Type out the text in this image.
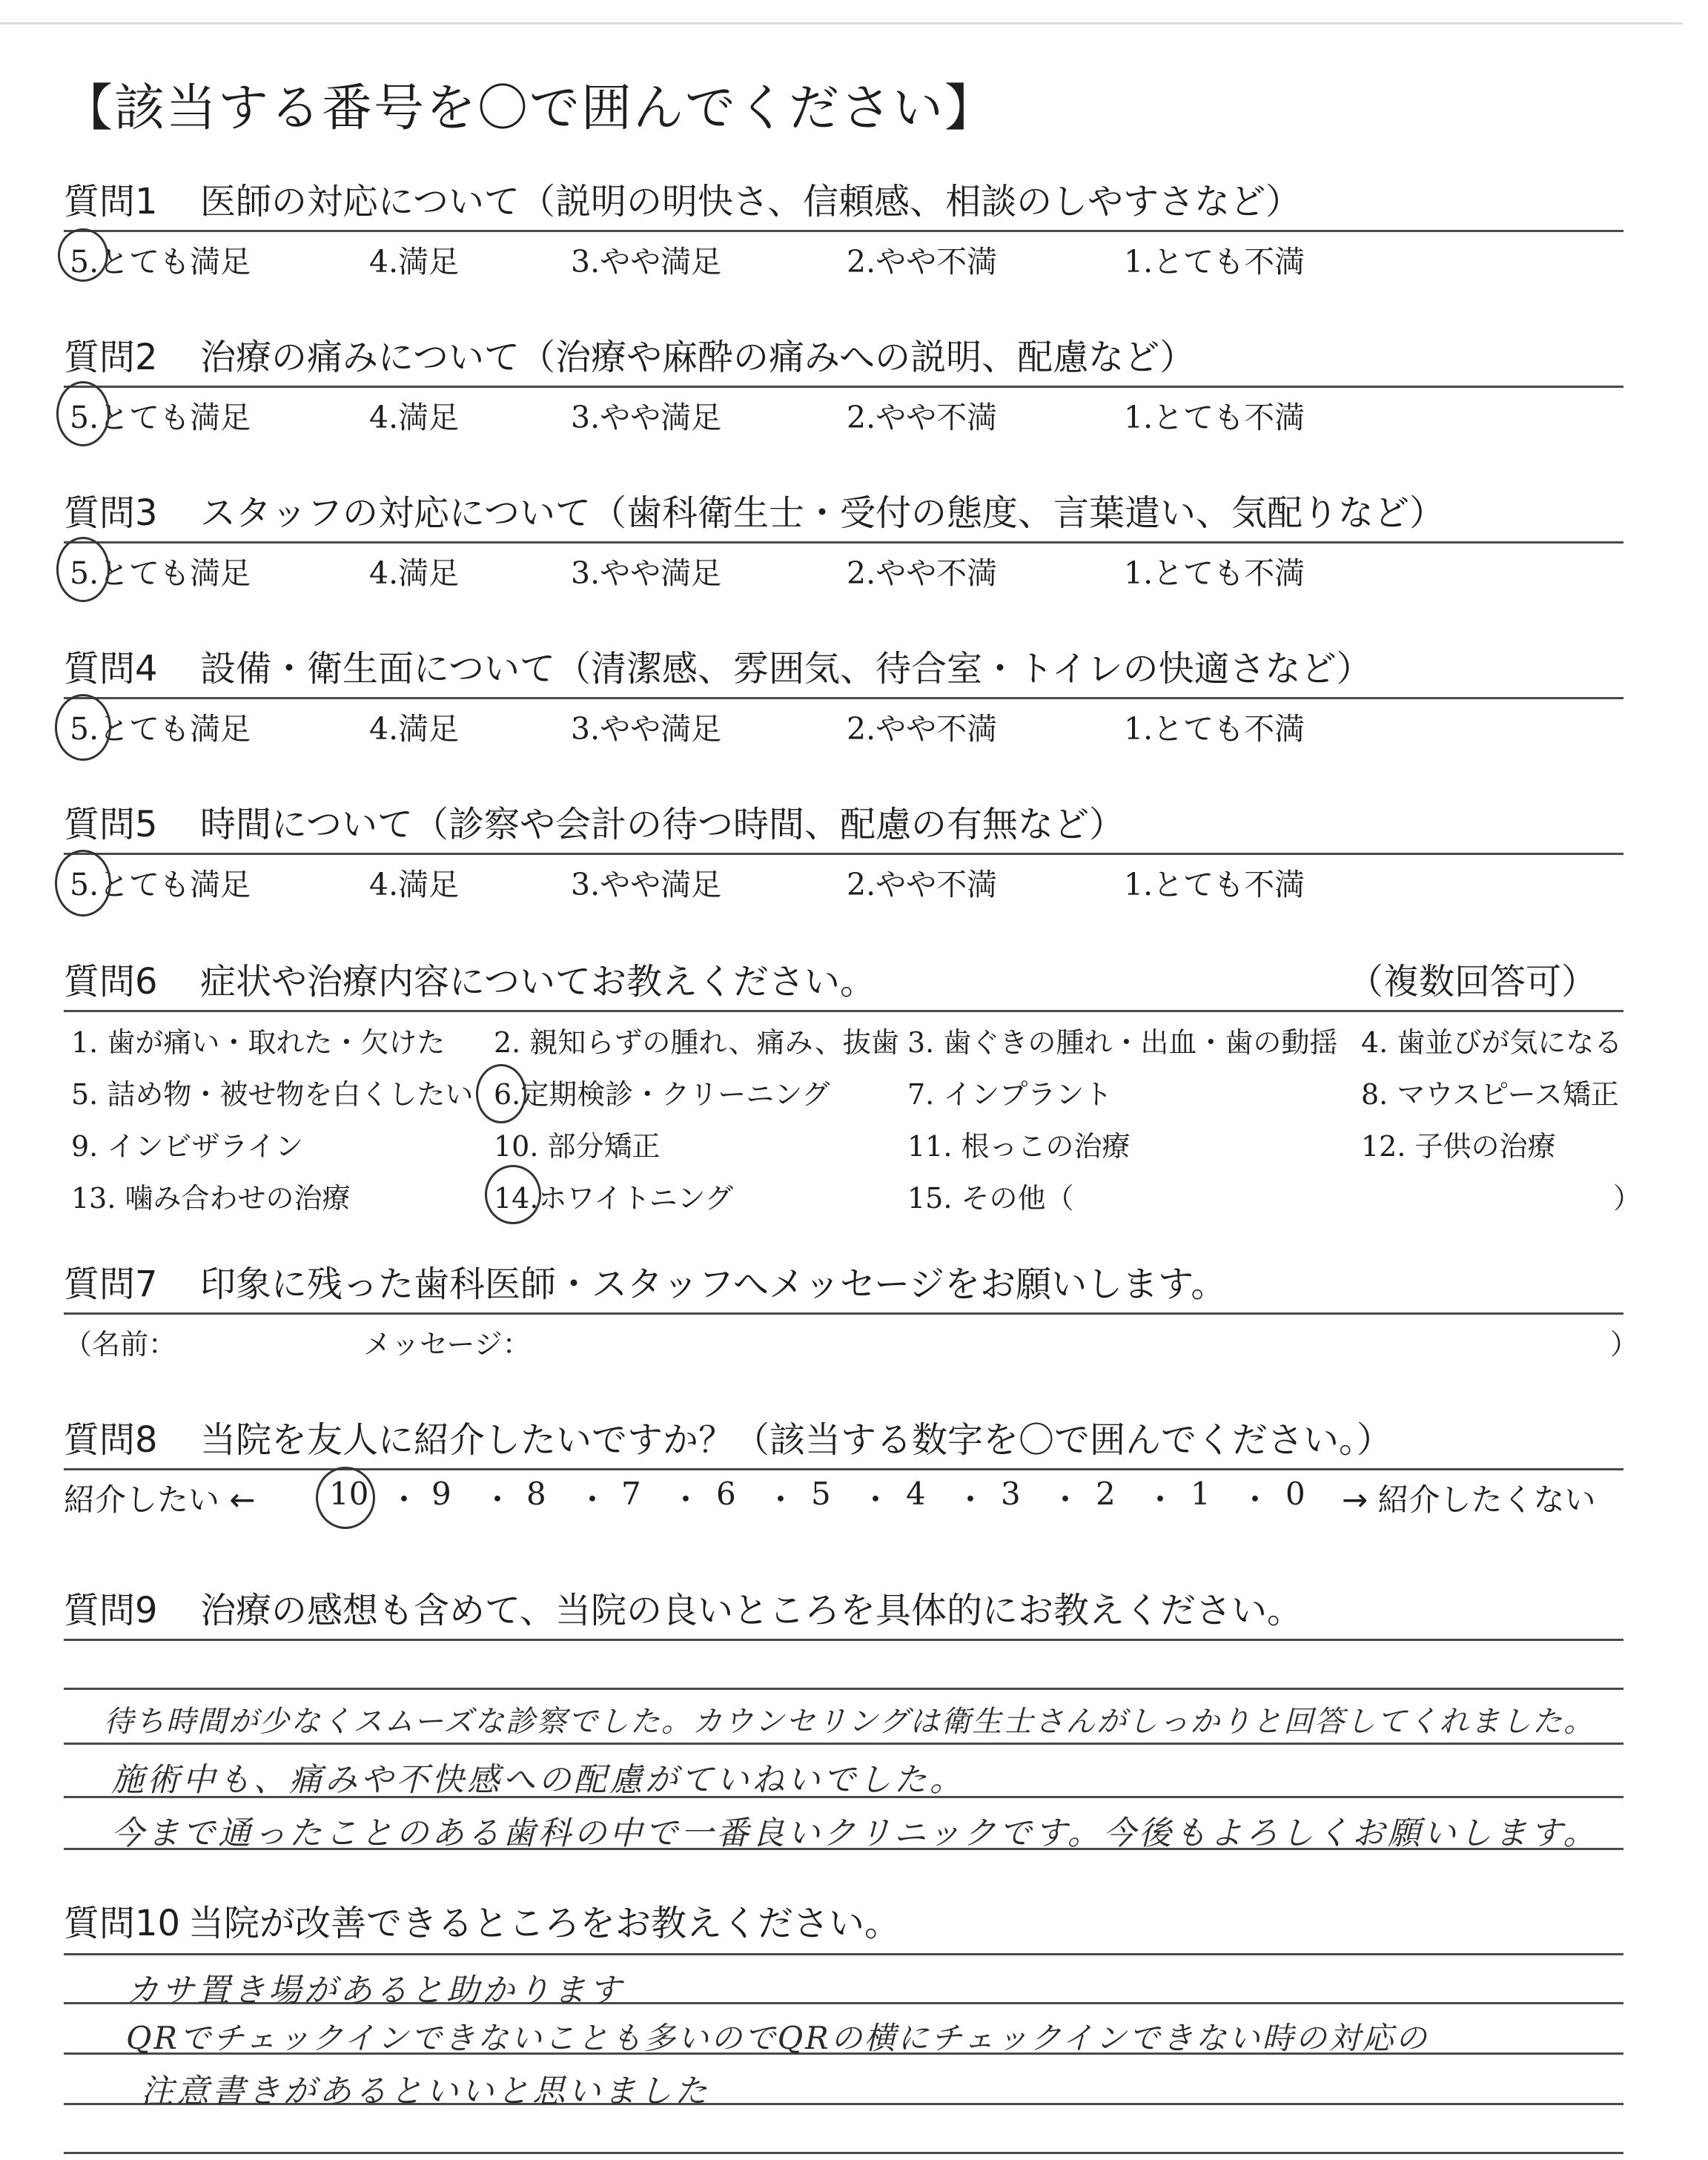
【該当する番号を〇で囲んでください】
質問1 医師の対応について（説明の明快さ、信頼感、相談のしやすさなど）
5.とても満足	4.満足	3.やや満足	2.やや不満	1.とても不満
質問2 治療の痛みについて（治療や麻酔の痛みへの説明、配慮など）
5.とても満足	4.満足	3.やや満足	2.やや不満	1.とても不満
質問3 スタッフの対応について（歯科衛生士・受付の態度、言葉遣い、気配りなど）
5.とても満足	4.満足	3.やや満足	2.やや不満	1.とても不満
質問4 設備・衛生面について（清潔感、雰囲気、待合室・トイレの快適さなど）
5.とても満足	4.満足	3.やや満足	2.やや不満	1.とても不満
質問5 時間について（診察や会計の待つ時間、配慮の有無など）
5.とても満足	4.満足	3.やや満足	2.やや不満	1.とても不満
質問6 症状や治療内容についてお教えください。	（複数回答可）
1. 歯が痛い・取れた・欠けた 2. 親知らずの腫れ、痛み、抜歯 3. 歯ぐきの腫れ・出血・歯の動揺 4. 歯並びが気になる
5. 詰め物・被せ物を白くしたい 6.定期検診・クリーニング	7. インプラント	8. マウスピース矯正
9. インビザライン	10. 部分矯正	11. 根っこの治療	12. 子供の治療
13. 噛み合わせの治療	14.ホワイトニング	15. その他（	）
質問7 印象に残った歯科医師・スタッフへメッセージをお願いします。
（名前：	メッセージ：	）
質問8 当院を友人に紹介したいですか？（該当する数字を〇で囲んでください。）
紹介したい ← 10 ・ 9 ・ 8 ・ 7 ・ 6 ・ 5 ・ 4 ・ 3 ・ 2 ・ 1 ・ 0 → 紹介したくない
質問9 治療の感想も含めて、当院の良いところを具体的にお教えください。
待ち時間が少なくスムーズな診察でした。カウンセリングは衛生士さんがしっかりと回答してくれました。
施術中も、痛みや不快感への配慮がていねいでした。
今まで通ったことのある歯科の中で一番良いクリニックです。今後もよろしくお願いします。
質問10 当院が改善できるところをお教えください。
カサ置き場があると助かります
QRでチェックインできないことも多いのでQRの横にチェックインできない時の対応の
注意書きがあるといいと思いました
